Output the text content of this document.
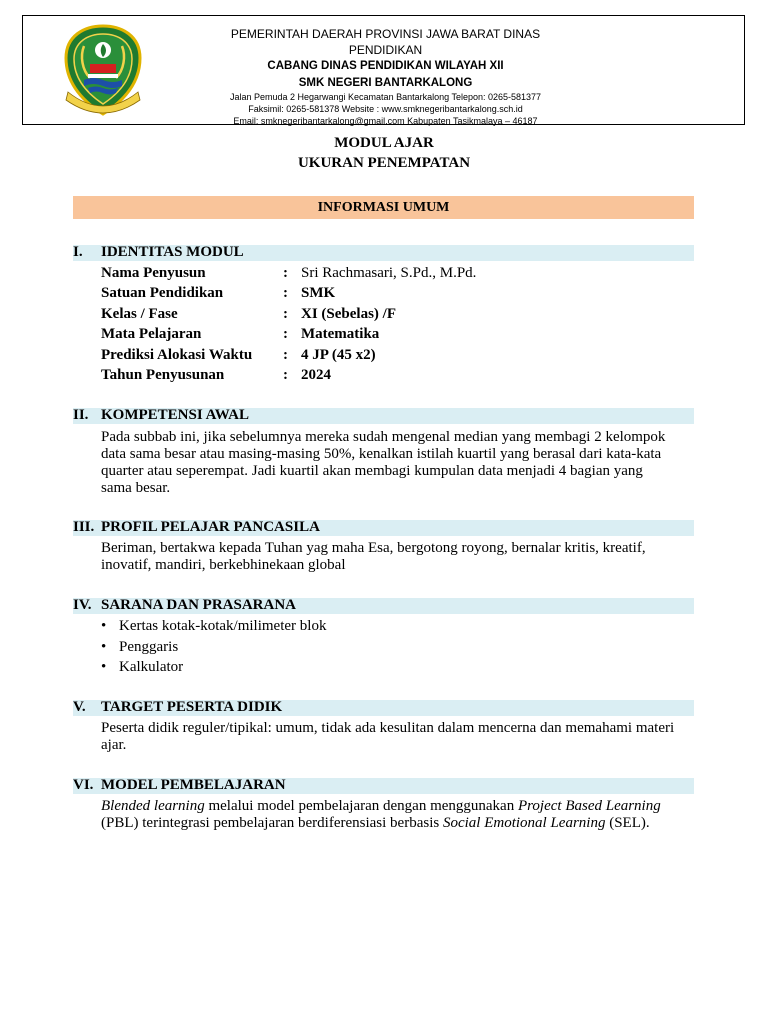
PEMERINTAH DAERAH PROVINSI JAWA BARAT DINAS
PENDIDIKAN
CABANG DINAS PENDIDIKAN WILAYAH XII
SMK NEGERI BANTARKALONG
Jalan Pemuda 2 Hegarwangi Kecamatan Bantarkalong Telepon: 0265-581377
Faksimil: 0265-581378 Website : www.smknegeribantarkalong.sch.id
Email: smknegeribantarkalong@gmail.com Kabupaten Tasikmalaya – 46187
MODUL AJAR
UKURAN PENEMPATAN
INFORMASI UMUM
I. IDENTITAS MODUL
Nama Penyusun	: Sri Rachmasari, S.Pd., M.Pd.
Satuan Pendidikan	: SMK
Kelas / Fase	: XI (Sebelas) /F
Mata Pelajaran	: Matematika
Prediksi Alokasi Waktu : 4 JP (45 x2)
Tahun Penyusunan	: 2024
II. KOMPETENSI AWAL
Pada subbab ini, jika sebelumnya mereka sudah mengenal median yang membagi 2 kelompok
data sama besar atau masing-masing 50%, kenalkan istilah kuartil yang berasal dari kata-kata
quarter atau seperempat. Jadi kuartil akan membagi kumpulan data menjadi 4 bagian yang
sama besar.
III. PROFIL PELAJAR PANCASILA
Beriman, bertakwa kepada Tuhan yag maha Esa, bergotong royong, bernalar kritis, kreatif,
inovatif, mandiri, berkebhinekaan global
IV. SARANA DAN PRASARANA
• Kertas kotak-kotak/milimeter blok
• Penggaris
• Kalkulator
V. TARGET PESERTA DIDIK
Peserta didik reguler/tipikal: umum, tidak ada kesulitan dalam mencerna dan memahami materi
ajar.
VI. MODEL PEMBELAJARAN
Blended learning melalui model pembelajaran dengan menggunakan Project Based Learning
(PBL) terintegrasi pembelajaran berdiferensiasi berbasis Social Emotional Learning (SEL).
